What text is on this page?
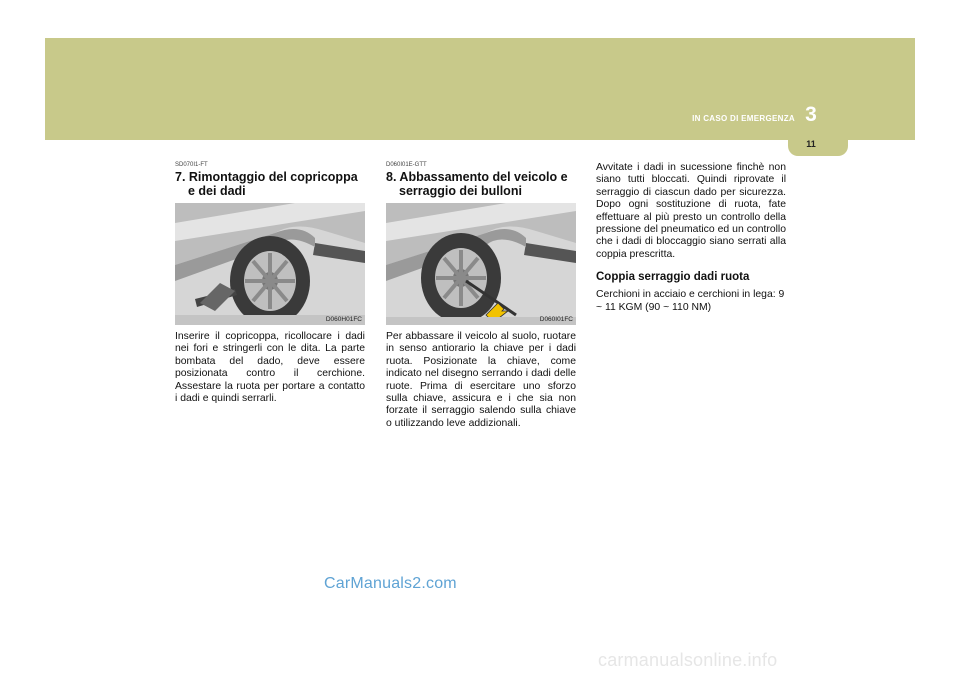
IN CASO DI EMERGENZA 3
11
SD070I1-FT
7. Rimontaggio del copricoppa
e dei dadi
D060H01FC
Inserire il copricoppa, ricollocare i dadi nei fori e stringerli con le dita. La parte bombata del dado, deve essere posizionata contro il cerchione. Assestare la ruota per portare a contatto i dadi e quindi serrarli.
D060I01E-GTT
8. Abbassamento del veicolo e
serraggio dei bulloni
D060I01FC
Per abbassare il veicolo al suolo, ruotare in senso antiorario la chiave per i dadi ruota. Posizionate la chiave, come indicato nel disegno serrando i dadi delle ruote. Prima di esercitare uno sforzo sulla chiave, assicura e i che sia non forzate il serraggio salendo sulla chiave o utilizzando leve addizionali.
Avvitate i dadi in sucessione finchè non siano tutti bloccati. Quindi riprovate il serraggio di ciascun dado per sicurezza. Dopo ogni sostituzione di ruota, fate effettuare al più presto un controllo della pressione del pneumatico ed un controllo che i dadi di bloccaggio siano serrati alla coppia prescritta.
Coppia serraggio dadi ruota
Cerchioni in acciaio e cerchioni in lega: 9 ~ 11 KGM (90 ~ 110 NM)
CarManuals2.com
carmanualsonline.info
